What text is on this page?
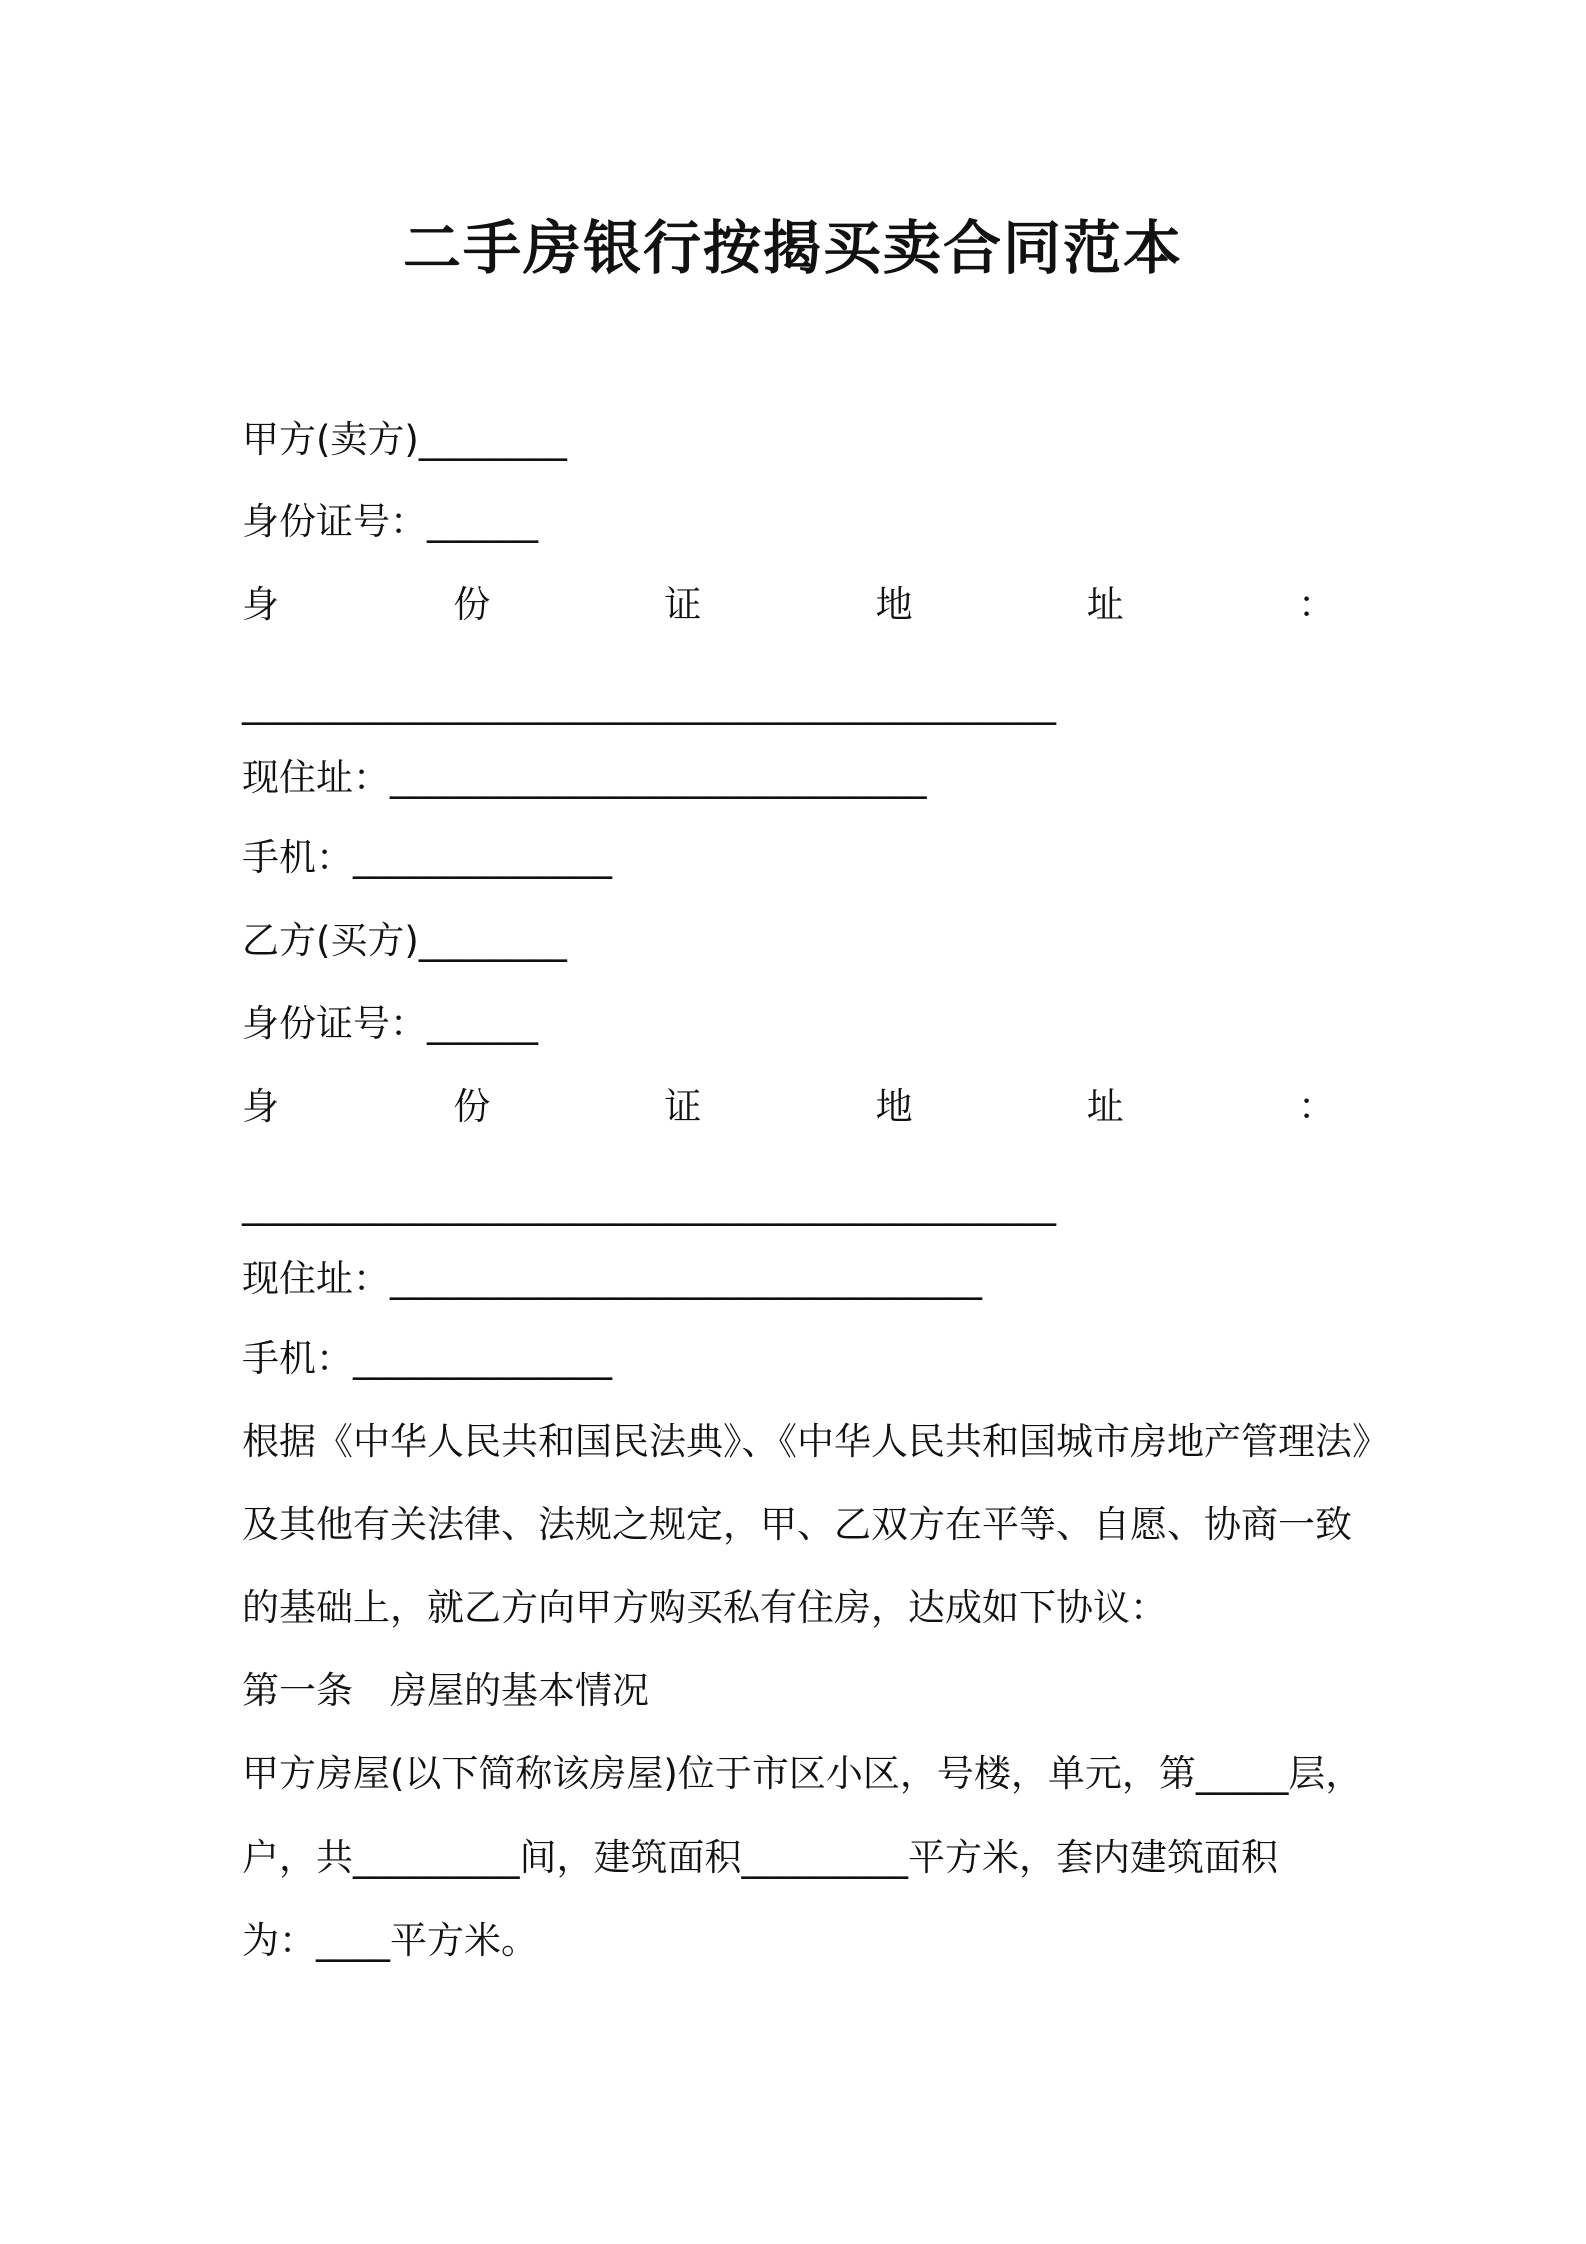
二手房银行按揭买卖合同范本
甲方(卖方)________
身份证号：______
身	份	证	地	址	：
____________________________________________
现住址：_____________________________
手机：______________
乙方(买方)________
身份证号：______
身	份	证	地	址	：
____________________________________________
现住址：________________________________
手机：______________
根据《中华人民共和国民法典》、《中华人民共和国城市房地产管理法》
及其他有关法律、法规之规定，甲、乙双方在平等、自愿、协商一致
的基础上，就乙方向甲方购买私有住房，达成如下协议：
第一条　房屋的基本情况
甲方房屋(以下简称该房屋)位于市区小区，号楼，单元，第_____层，
户，共_________间，建筑面积_________平方米，套内建筑面积
为：____平方米。
